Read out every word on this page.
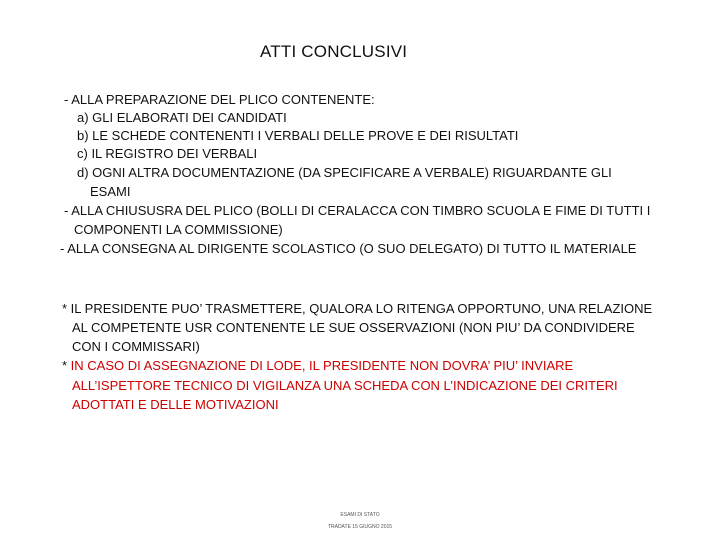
ATTI CONCLUSIVI
- ALLA PREPARAZIONE DEL PLICO CONTENENTE:
a) GLI ELABORATI DEI CANDIDATI
b) LE SCHEDE CONTENENTI I VERBALI DELLE PROVE E DEI RISULTATI
c) IL REGISTRO DEI VERBALI
d) OGNI ALTRA DOCUMENTAZIONE (DA SPECIFICARE A VERBALE) RIGUARDANTE GLI
ESAMI
- ALLA CHIUSUSRA DEL PLICO (BOLLI DI CERALACCA CON TIMBRO SCUOLA E FIME DI TUTTI I
COMPONENTI LA COMMISSIONE)
- ALLA CONSEGNA AL DIRIGENTE SCOLASTICO (O SUO DELEGATO) DI TUTTO IL MATERIALE
* IL PRESIDENTE PUO’ TRASMETTERE, QUALORA LO RITENGA OPPORTUNO, UNA RELAZIONE
AL COMPETENTE USR CONTENENTE LE SUE OSSERVAZIONI (NON PIU’ DA CONDIVIDERE
CON I COMMISSARI)
* IN CASO DI ASSEGNAZIONE DI LODE, IL PRESIDENTE NON DOVRA’ PIU’ INVIARE
ALL’ISPETTORE TECNICO DI VIGILANZA UNA SCHEDA CON L’INDICAZIONE DEI CRITERI
ADOTTATI E DELLE MOTIVAZIONI
ESAMI DI STATO
TRADATE 15 GIUGNO 2015
